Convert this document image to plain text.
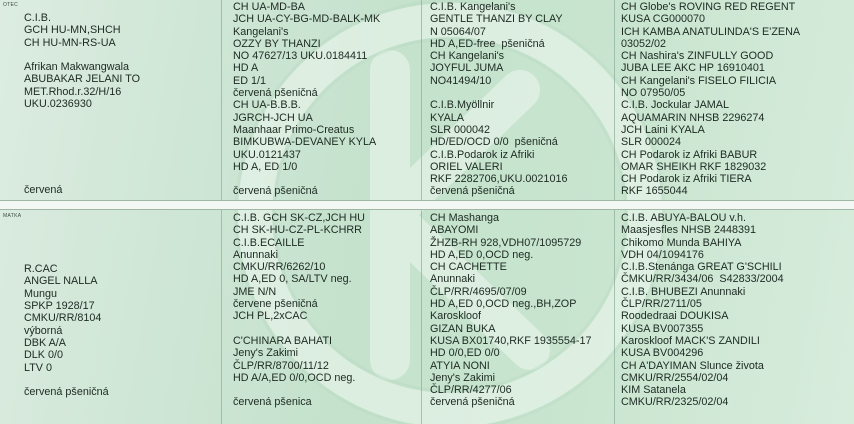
OTEC
MATKA
C.I.B.
GCH HU-MN,SHCH
CH HU-MN-RS-UA

Afrikan Makwangwala
ABUBAKAR JELANI TO
MET.Rhod.r.32/H/16
UKU.0236930

červená
CH UA-MD-BA
JCH UA-CY-BG-MD-BALK-MK
Kangelani's
OZZY BY THANZI
NO 47627/13 UKU.0184411
HD A
ED 1/1
červená pšeničná
CH UA-B.B.B.
JGRCH-JCH UA
Maanhaar Primo-Creatus
BIMKUBWA-DEVANEY KYLA
UKU.0121437
HD A, ED 1/0

červená pšeničná
C.I.B. Kangelani's
GENTLE THANZI BY CLAY
N 05064/07
HD A,ED-free  pšeničná
CH Kangelani's
JOYFUL JUMA
NO41494/10

C.I.B.Myöllnir
KYALA
SLR 000042
HD/ED/OCD 0/0  pšeničná
C.I.B.Podarok iz Afriki
ORIEL VALERI
RKF 2282706,UKU.0021016
červená pšeničná
CH Globe's ROVING RED REGENT
KUSA CG000070
ICH KAMBA ANATULINDA'S E'ZENA
03052/02
CH Nashira's ZINFULLY GOOD
JUBA LEE AKC HP 16910401
CH Kangelani's FISELO FILICIA
NO 07950/05
C.I.B. Jockular JAMAL
AQUAMARIN NHSB 2296274
JCH Laini KYALA
SLR 000024
CH Podarok iz Afriki BABUR
OMAR SHEIKH RKF 1829032
CH Podarok iz Afriki TIERA
RKF 1655044

R.CAC
ANGEL NALLA
Mungu
SPKP 1928/17
CMKU/RR/8104
výborná
DBK A/A
DLK 0/0
LTV 0

červená pšeničná
C.I.B. GCH SK-CZ,JCH HU
CH SK-HU-CZ-PL-KCHRR
C.I.B.ECAILLE
Anunnaki
CMKU/RR/6262/10
HD A,ED 0, SA/LTV neg.
JME N/N
červene pšeničná
JCH PL,2xCAC

C'CHINARA BAHATI
Jeny's Zakimi
ČLP/RR/8700/11/12
HD A/A,ED 0/0,OCD neg.

červená pšenica
CH Mashanga
ABAYOMI
ŽHZB-RH 928,VDH07/1095729
HD A,ED 0,OCD neg.
CH CACHETTE
Anunnaki
ČLP/RR/4695/07/09
HD A,ED 0,OCD neg.,BH,ZOP
Karoskloof
GIZAN BUKA
KUSA BX01740,RKF 1935554-17
HD 0/0,ED 0/0
ATYIA NONI
Jeny's Zakimi
ČLP/RR/4277/06
červená pšeničná
C.I.B. ABUYA-BALOU v.h.
Maasjesfles NHSB 2448391
Chikomo Munda BAHIYA
VDH 04/1094176
C.I.B.Stenánga GREAT G'SCHILI
ČMKU/RR/3434/06  S42833/2004
C.I.B. BHUBEZI Anunnaki
ČLP/RR/2711/05
Roodedraai DOUKISA
KUSA BV007355
Karoskloof MACK'S ZANDILI
KUSA BV004296
CH A'DAYIMAN Slunce života
CMKU/RR/2554/02/04
KIM Satanela
CMKU/RR/2325/02/04
